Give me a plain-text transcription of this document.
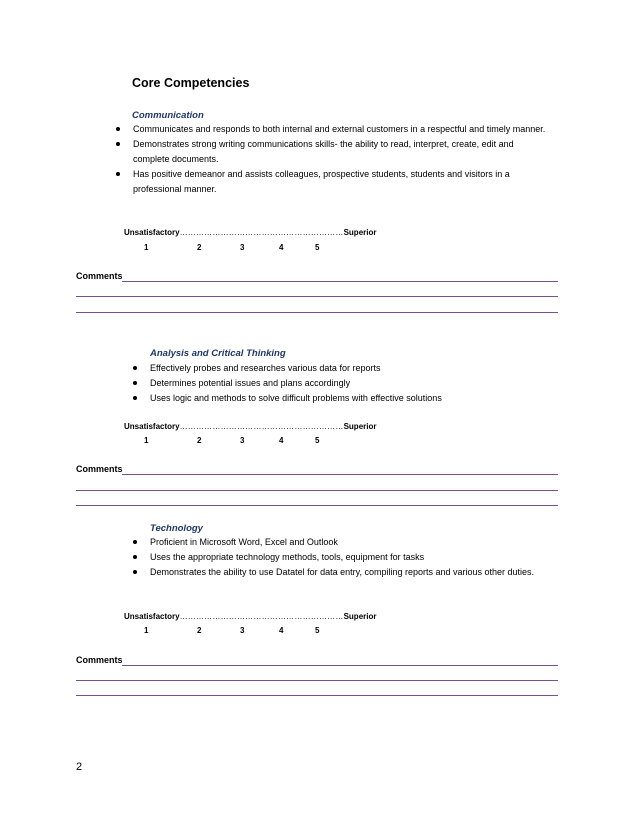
Core Competencies
Communication
Communicates and responds to both internal and external customers in a respectful and timely manner.
Demonstrates strong writing communications skills- the ability to read, interpret, create, edit and complete documents.
Has positive demeanor and assists colleagues, prospective students, students and visitors in a professional manner.
Unsatisfactory……………………………………………………Superior
1	2	3	4	5
Comments
Analysis and Critical Thinking
Effectively probes and researches various data for reports
Determines potential issues and plans accordingly
Uses logic and methods to solve difficult problems with effective solutions
Unsatisfactory……………………………………………………Superior
1	2	3	4	5
Comments
Technology
Proficient in Microsoft Word, Excel and Outlook
Uses the appropriate technology methods, tools, equipment for tasks
Demonstrates the ability to use Datatel for data entry, compiling reports and various other duties.
Unsatisfactory……………………………………………………Superior
1	2	3	4	5
Comments
2
